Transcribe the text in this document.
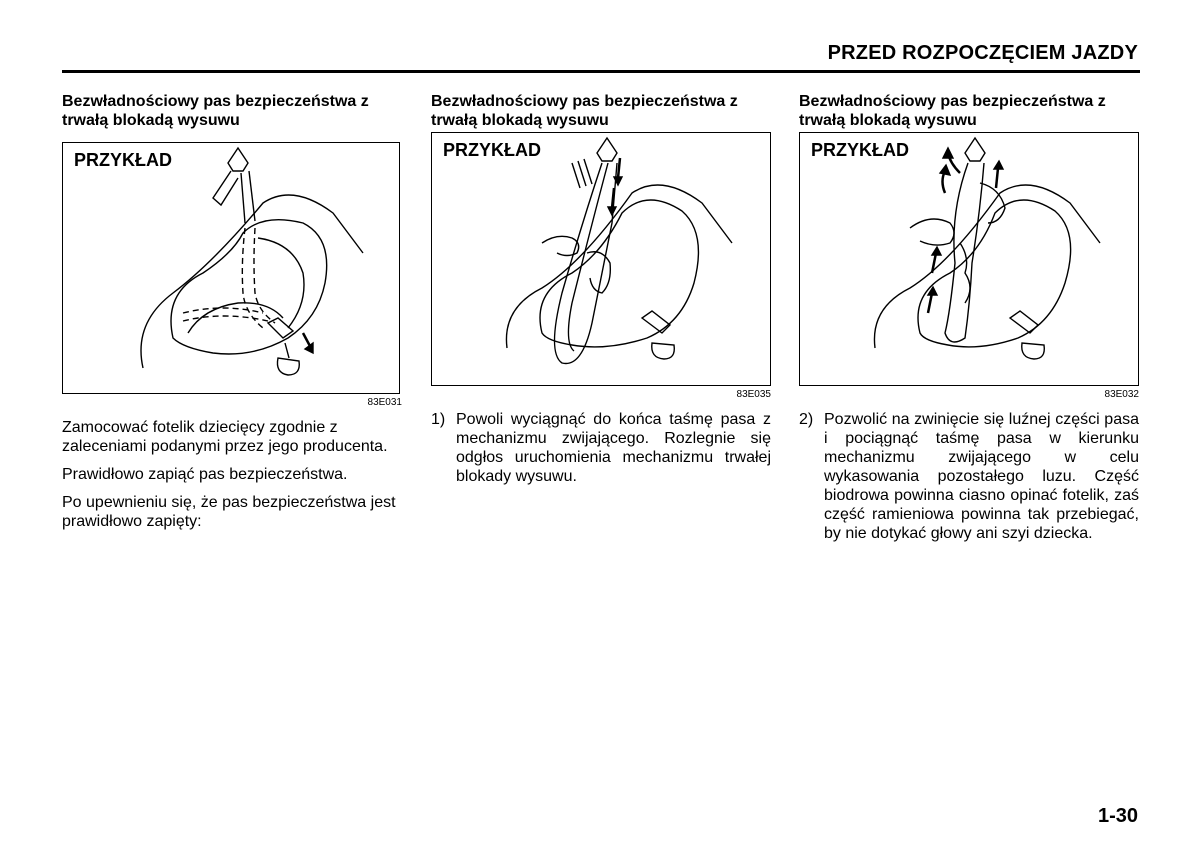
PRZED ROZPOCZĘCIEM JAZDY

Bezwładnościowy pas bezpieczeństwa z trwałą blokadą wysuwu

PRZYKŁAD
83E031

Zamocować fotelik dziecięcy zgodnie z zaleceniami podanymi przez jego producenta.

Prawidłowo zapiąć pas bezpieczeństwa.

Po upewnieniu się, że pas bezpieczeństwa jest prawidłowo zapięty:

Bezwładnościowy pas bezpieczeństwa z trwałą blokadą wysuwu

PRZYKŁAD
83E035
1) Powoli wyciągnąć do końca taśmę pasa z mechanizmu zwijającego. Rozlegnie się odgłos uruchomienia mechanizmu trwałej blokady wysuwu.

Bezwładnościowy pas bezpieczeństwa z trwałą blokadą wysuwu

PRZYKŁAD
83E032
2) Pozwolić na zwinięcie się luźnej części pasa i pociągnąć taśmę pasa w kierunku mechanizmu zwijającego w celu wykasowania pozostałego luzu. Część biodrowa powinna ciasno opinać fotelik, zaś część ramieniowa powinna tak przebiegać, by nie dotykać głowy ani szyi dziecka.
1-30
